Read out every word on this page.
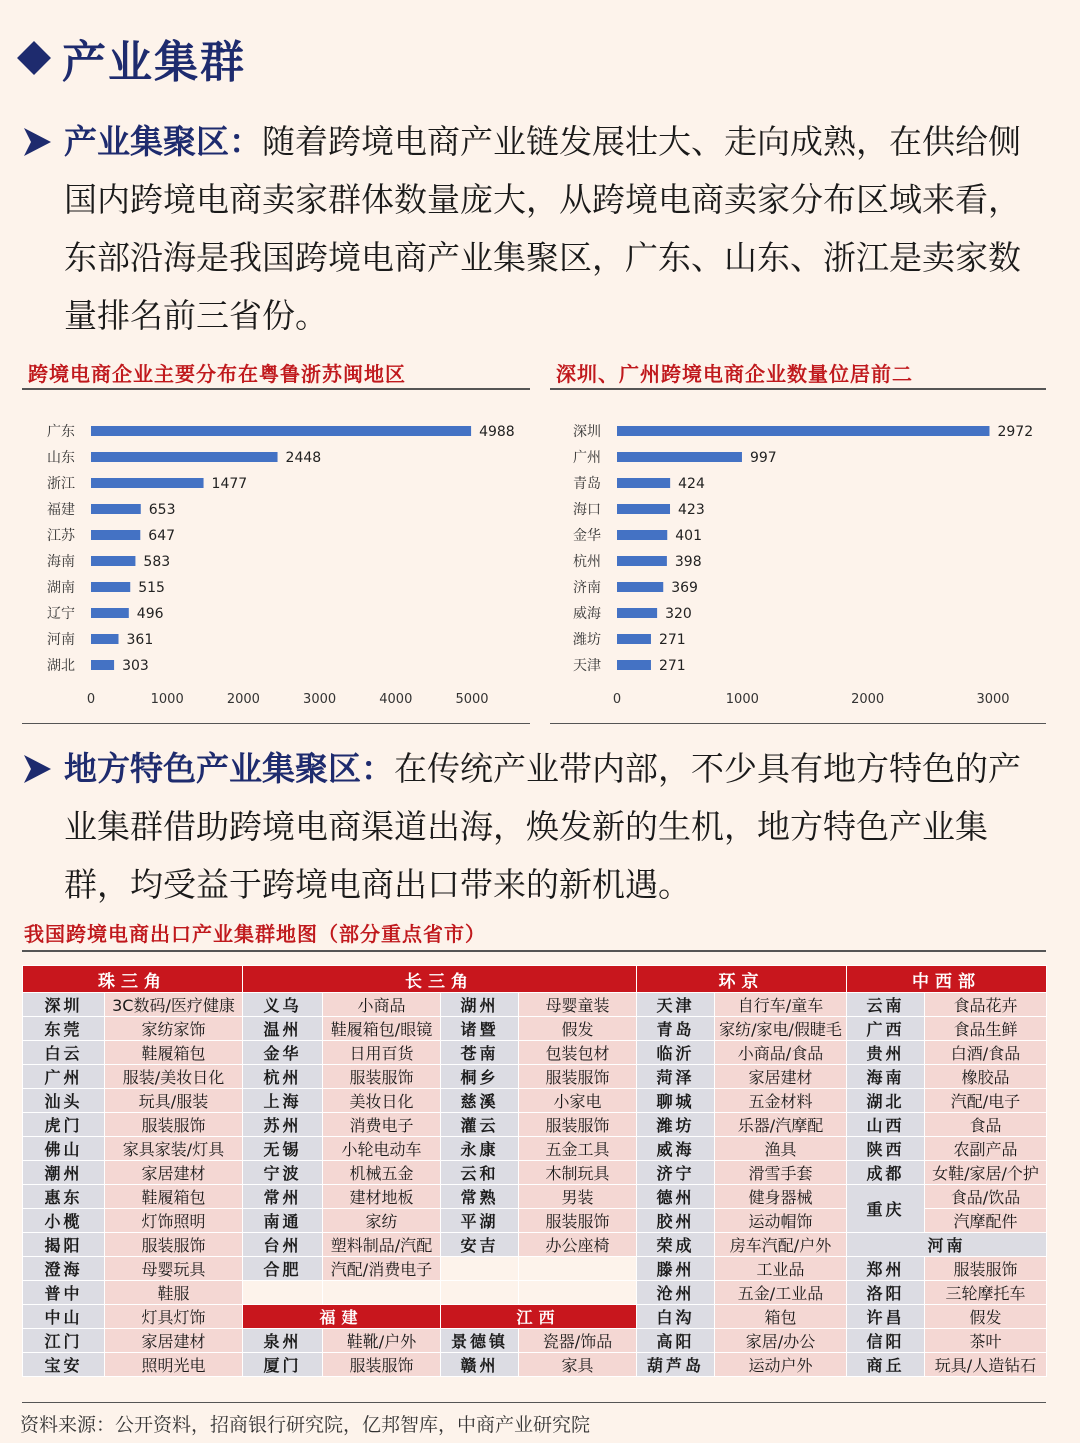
产业集群
产业集聚区：随着跨境电商产业链发展壮大、走向成熟，在供给侧国内跨境电商卖家群体数量庞大，从跨境电商卖家分布区域来看，东部沿海是我国跨境电商产业集聚区，广东、山东、浙江是卖家数量排名前三省份。
跨境电商企业主要分布在粤鲁浙苏闽地区	深圳、广州跨境电商企业数量位居前二
广东	4988
山东	2448
浙江	1477
福建	653
江苏	647
海南	583
湖南	515
辽宁	496
河南	361
湖北	303
0	1000	2000	3000	4000	5000
深圳	2972
广州	997
青岛	424
海口	423
金华	401
杭州	398
济南	369
威海	320
潍坊	271
天津	271
0	1000	2000	3000
地方特色产业集聚区：在传统产业带内部，不少具有地方特色的产业集群借助跨境电商渠道出海，焕发新的生机，地方特色产业集群，均受益于跨境电商出口带来的新机遇。
我国跨境电商出口产业集群地图（部分重点省市）
珠三角		长三角				环京		中西部	
深圳	3C数码/医疗健康	义乌	小商品	湖州	母婴童装	天津	自行车/童车	云南	食品花卉
东莞	家纺家饰	温州	鞋履箱包/眼镜	诸暨	假发	青岛	家纺/家电/假睫毛	广西	食品生鲜
白云	鞋履箱包	金华	日用百货	苍南	包装包材	临沂	小商品/食品	贵州	白酒/食品
广州	服装/美妆日化	杭州	服装服饰	桐乡	服装服饰	菏泽	家居建材	海南	橡胶品
汕头	玩具/服装	上海	美妆日化	慈溪	小家电	聊城	五金材料	湖北	汽配/电子
虎门	服装服饰	苏州	消费电子	灌云	服装服饰	潍坊	乐器/汽摩配	山西	食品
佛山	家具家装/灯具	无锡	小轮电动车	永康	五金工具	威海	渔具	陕西	农副产品
潮州	家居建材	宁波	机械五金	云和	木制玩具	济宁	滑雪手套	成都	女鞋/家居/个护
惠东	鞋履箱包	常州	建材地板	常熟	男装	德州	健身器械	重庆	食品/饮品
小榄	灯饰照明	南通	家纺	平湖	服装服饰	胶州	运动帽饰		汽摩配件
揭阳	服装服饰	台州	塑料制品/汽配	安吉	办公座椅	荣成	房车汽配/户外	河南	
澄海	母婴玩具	合肥	汽配/消费电子			滕州	工业品	郑州	服装服饰
普中	鞋服					沧州	五金/工业品	洛阳	三轮摩托车
中山	灯具灯饰	福建		江西		白沟	箱包	许昌	假发
江门	家居建材	泉州	鞋靴/户外	景德镇	瓷器/饰品	高阳	家居/办公	信阳	茶叶
宝安	照明光电	厦门	服装服饰	赣州	家具	葫芦岛	运动户外	商丘	玩具/人造钻石
资料来源：公开资料，招商银行研究院，亿邦智库，中商产业研究院
